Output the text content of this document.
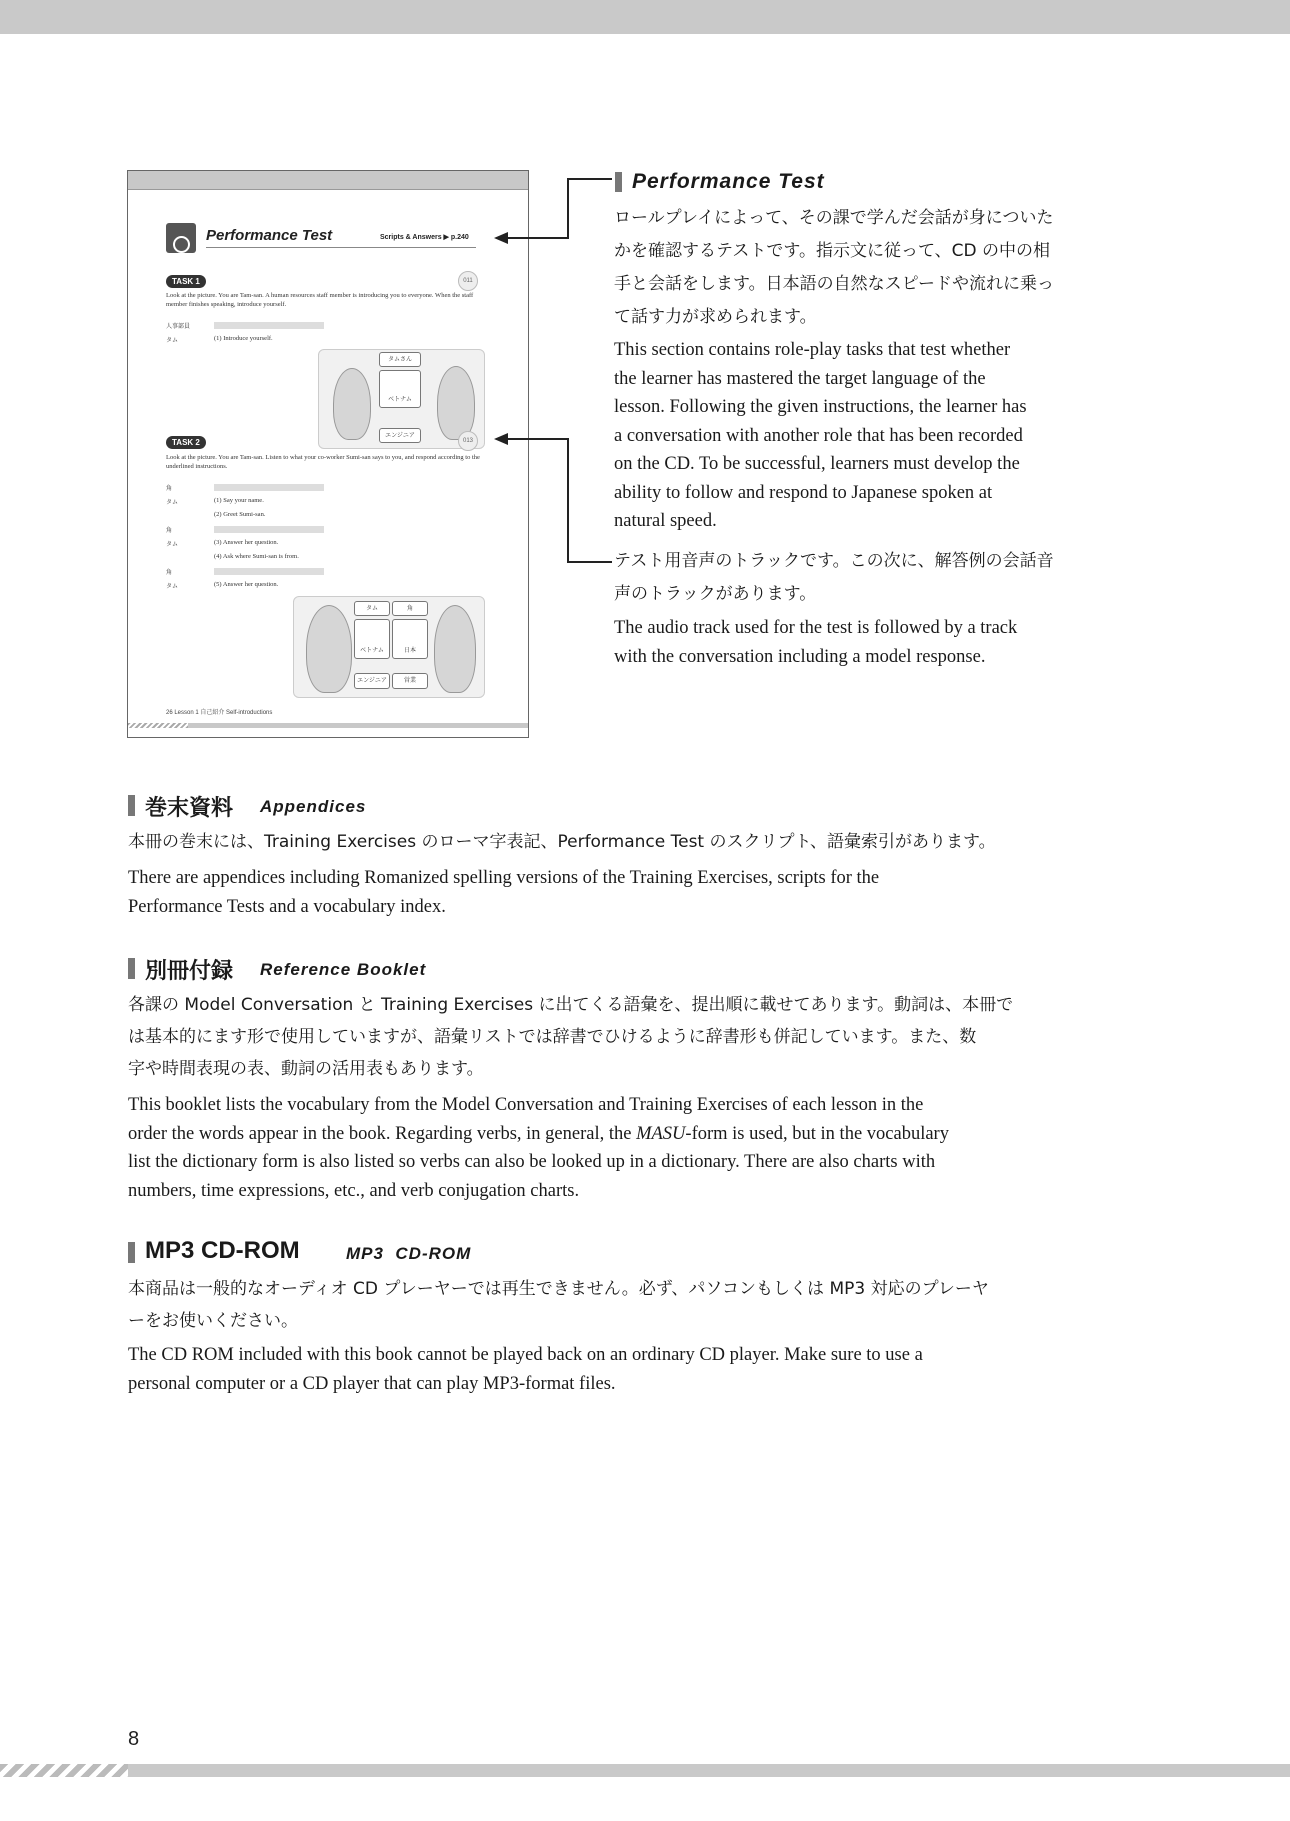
Performance Test	Scripts & Answers ▶ p.240
TASK 1	011
Look at the picture. You are Tam-san. A human resources staff member is introducing you to everyone. When the staff member finishes speaking, introduce yourself.
人事部員
タム	(1) Introduce yourself.
タムさん
ベトナム
エンジニア
TASK 2	013
Look at the picture. You are Tam-san. Listen to what your co-worker Sumi-san says to you, and respond according to the underlined instructions.
角
タム	(1) Say your name.
(2) Greet Sumi-san.
角
タム	(3) Answer her question.
(4) Ask where Sumi-san is from.
角
タム	(5) Answer her question.
タム	角
ベトナム	日本
エンジニア	営業
26 Lesson 1 自己紹介 Self-introductions
Performance Test
ロールプレイによって、その課で学んだ会話が身についた
かを確認するテストです。指示文に従って、CD の中の相
手と会話をします。日本語の自然なスピードや流れに乗っ
て話す力が求められます。
This section contains role-play tasks that test whether
the learner has mastered the target language of the
lesson. Following the given instructions, the learner has
a conversation with another role that has been recorded
on the CD. To be successful, learners must develop the
ability to follow and respond to Japanese spoken at
natural speed.
テスト用音声のトラックです。この次に、解答例の会話音
声のトラックがあります。
The audio track used for the test is followed by a track
with the conversation including a model response.
巻末資料 Appendices
本冊の巻末には、Training Exercises のローマ字表記、Performance Test のスクリプト、語彙索引があります。
There are appendices including Romanized spelling versions of the Training Exercises, scripts for the
Performance Tests and a vocabulary index.
別冊付録 Reference Booklet
各課の Model Conversation と Training Exercises に出てくる語彙を、提出順に載せてあります。動詞は、本冊で
は基本的にます形で使用していますが、語彙リストでは辞書でひけるように辞書形も併記しています。また、数
字や時間表現の表、動詞の活用表もあります。
This booklet lists the vocabulary from the Model Conversation and Training Exercises of each lesson in the
order the words appear in the book. Regarding verbs, in general, the MASU-form is used, but in the vocabulary
list the dictionary form is also listed so verbs can also be looked up in a dictionary. There are also charts with
numbers, time expressions, etc., and verb conjugation charts.
MP3 CD-ROM	MP3  CD-ROM
本商品は一般的なオーディオ CD プレーヤーでは再生できません。必ず、パソコンもしくは MP3 対応のプレーヤ
ーをお使いください。
The CD ROM included with this book cannot be played back on an ordinary CD player. Make sure to use a
personal computer or a CD player that can play MP3-format files.
8
